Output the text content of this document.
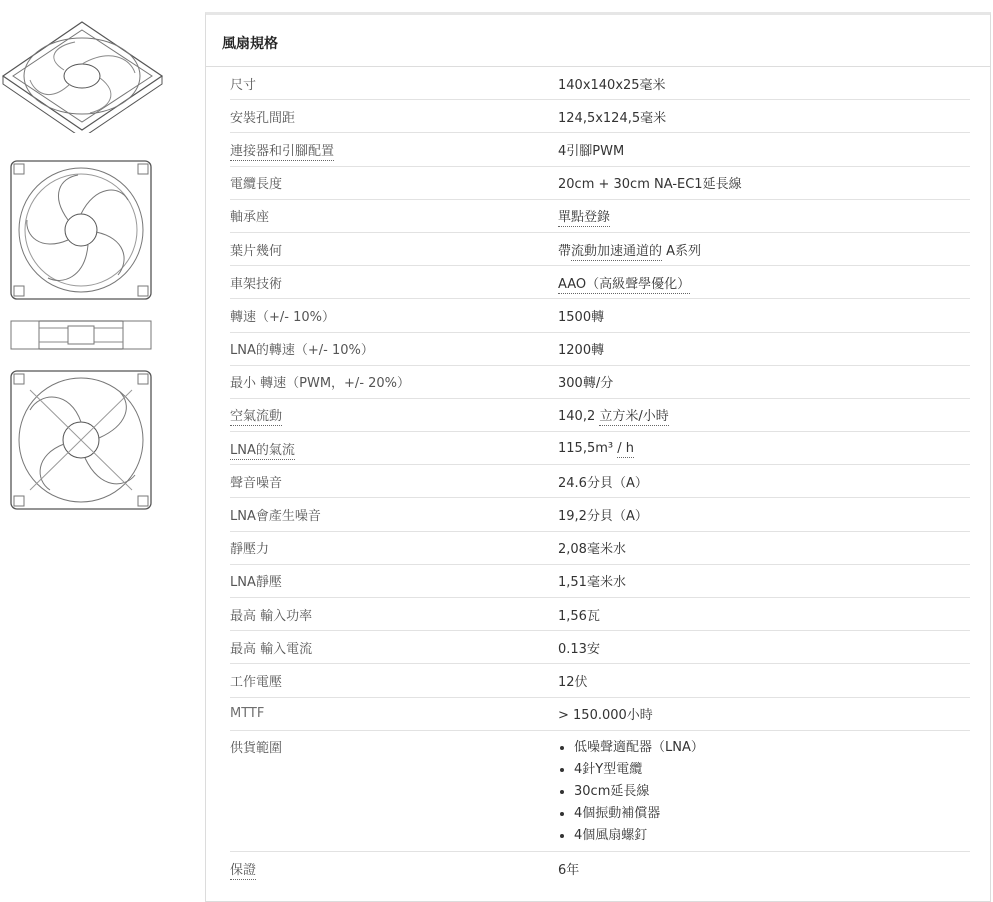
風扇規格
尺寸	140x140x25毫米
安裝孔間距	124,5x124,5毫米
連接器和引腳配置	4引腳PWM
電纜長度	20cm + 30cm NA-EC1延長線
軸承座	單點登錄
葉片幾何	帶流動加速通道的 A系列
車架技術	AAO（高級聲學優化）
轉速（+/- 10%）	1500轉
LNA的轉速（+/- 10%）	1200轉
最小 轉速（PWM，+/- 20%）	300轉/分
空氣流動	140,2 立方米/小時
LNA的氣流	115,5m³ / h
聲音噪音	24.6分貝（A）
LNA會產生噪音	19,2分貝（A）
靜壓力	2,08毫米水
LNA靜壓	1,51毫米水
最高 輸入功率	1,56瓦
最高 輸入電流	0.13安
工作電壓	12伏
MTTF	> 150.000小時
供貨範圍
•	低噪聲適配器（LNA）
• 4針Y型電纜
• 30cm延長線
• 4個振動補償器
• 4個風扇螺釘
保證	6年
